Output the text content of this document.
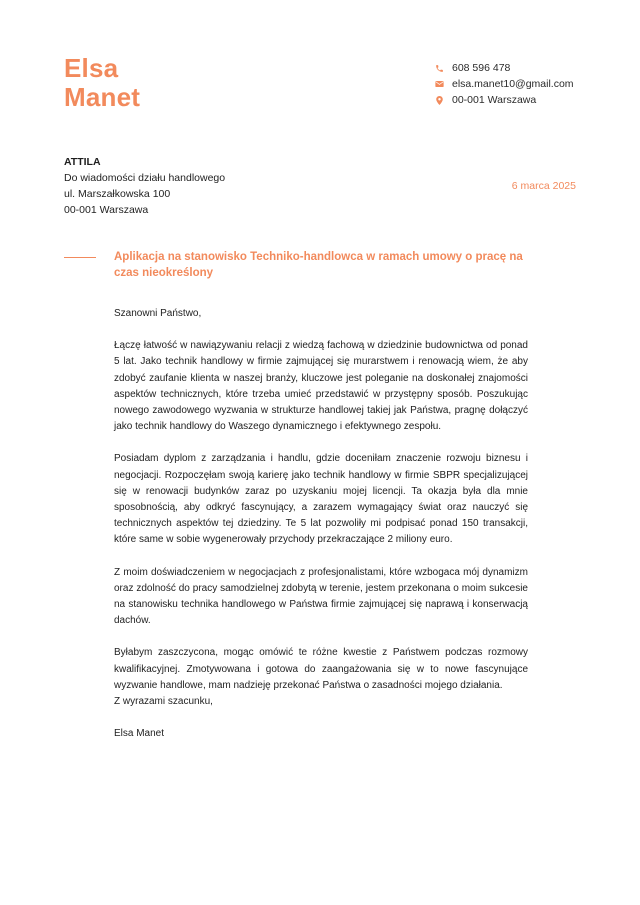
Elsa
Manet
608 596 478
elsa.manet10@gmail.com
00-001 Warszawa
ATTILA
Do wiadomości działu handlowego
ul. Marszałkowska 100
00-001 Warszawa
6 marca 2025
Aplikacja na stanowisko Techniko-handlowca w ramach umowy o pracę na czas nieokreślony

Szanowni Państwo,

Łączę łatwość w nawiązywaniu relacji z wiedzą fachową w dziedzinie budownictwa od ponad 5 lat. Jako technik handlowy w firmie zajmującej się murarstwem i renowacją wiem, że aby zdobyć zaufanie klienta w naszej branży, kluczowe jest poleganie na doskonałej znajomości aspektów technicznych, które trzeba umieć przedstawić w przystępny sposób. Poszukując nowego zawodowego wyzwania w strukturze handlowej takiej jak Państwa, pragnę dołączyć jako technik handlowy do Waszego dynamicznego i efektywnego zespołu.

Posiadam dyplom z zarządzania i handlu, gdzie doceniłam znaczenie rozwoju biznesu i negocjacji. Rozpoczęłam swoją karierę jako technik handlowy w firmie SBPR specjalizującej się w renowacji budynków zaraz po uzyskaniu mojej licencji. Ta okazja była dla mnie sposobnością, aby odkryć fascynujący, a zarazem wymagający świat oraz nauczyć się technicznych aspektów tej dziedziny. Te 5 lat pozwoliły mi podpisać ponad 150 transakcji, które same w sobie wygenerowały przychody przekraczające 2 miliony euro.

Z moim doświadczeniem w negocjacjach z profesjonalistami, które wzbogaca mój dynamizm oraz zdolność do pracy samodzielnej zdobytą w terenie, jestem przekonana o moim sukcesie na stanowisku technika handlowego w Państwa firmie zajmującej się naprawą i konserwacją dachów.

Byłabym zaszczycona, mogąc omówić te różne kwestie z Państwem podczas rozmowy kwalifikacyjnej. Zmotywowana i gotowa do zaangażowania się w to nowe fascynujące wyzwanie handlowe, mam nadzieję przekonać Państwa o zasadności mojego działania.

Z wyrazami szacunku,

Elsa Manet
